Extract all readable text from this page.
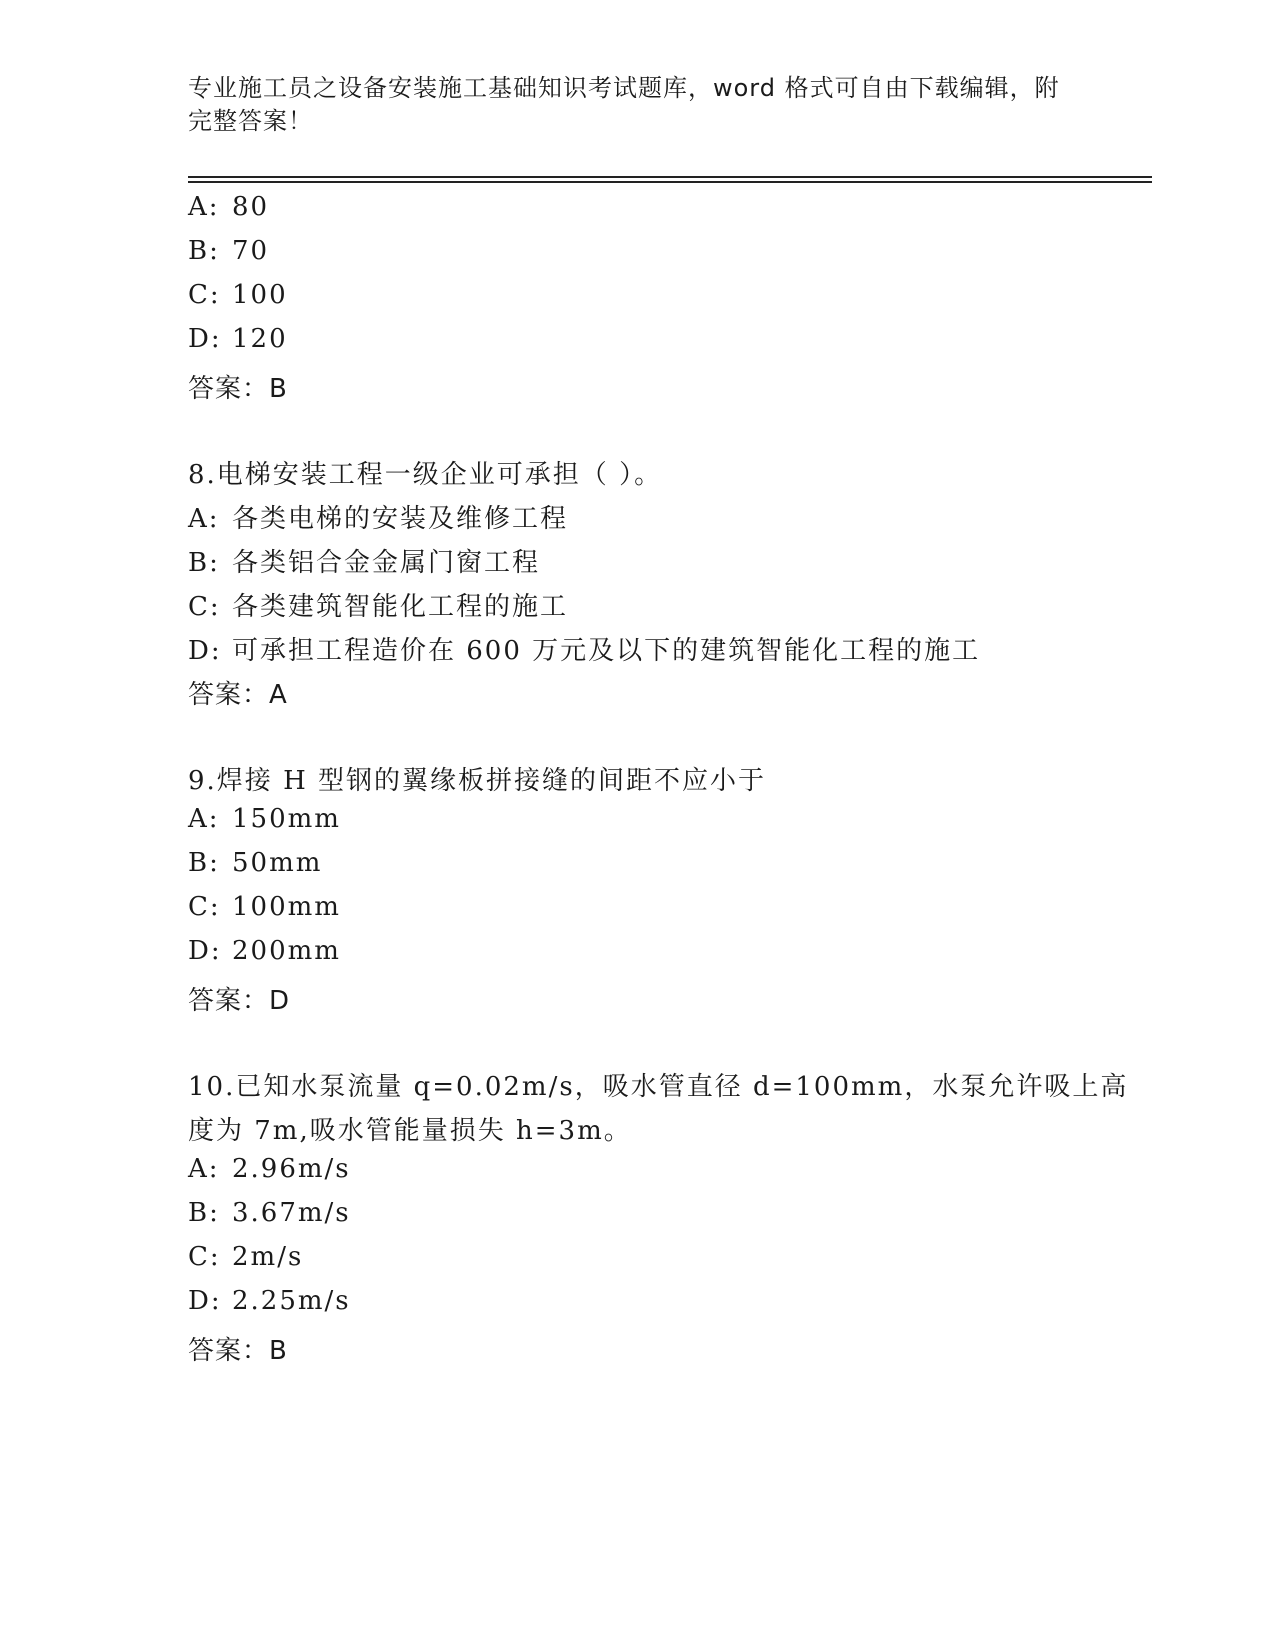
专业施工员之设备安装施工基础知识考试题库，word 格式可自由下载编辑，附完整答案！
A: 80
B: 70
C: 100
D: 120
答案：B
8.电梯安装工程一级企业可承担（ ）。
A: 各类电梯的安装及维修工程
B: 各类铝合金金属门窗工程
C: 各类建筑智能化工程的施工
D: 可承担工程造价在 600 万元及以下的建筑智能化工程的施工
答案：A
9.焊接 H 型钢的翼缘板拼接缝的间距不应小于
A: 150mm
B: 50mm
C: 100mm
D: 200mm
答案：D
10.已知水泵流量 q=0.02m/s，吸水管直径 d=100mm，水泵允许吸上高
度为 7m,吸水管能量损失 h=3m。
A: 2.96m/s
B: 3.67m/s
C: 2m/s
D: 2.25m/s
答案：B
